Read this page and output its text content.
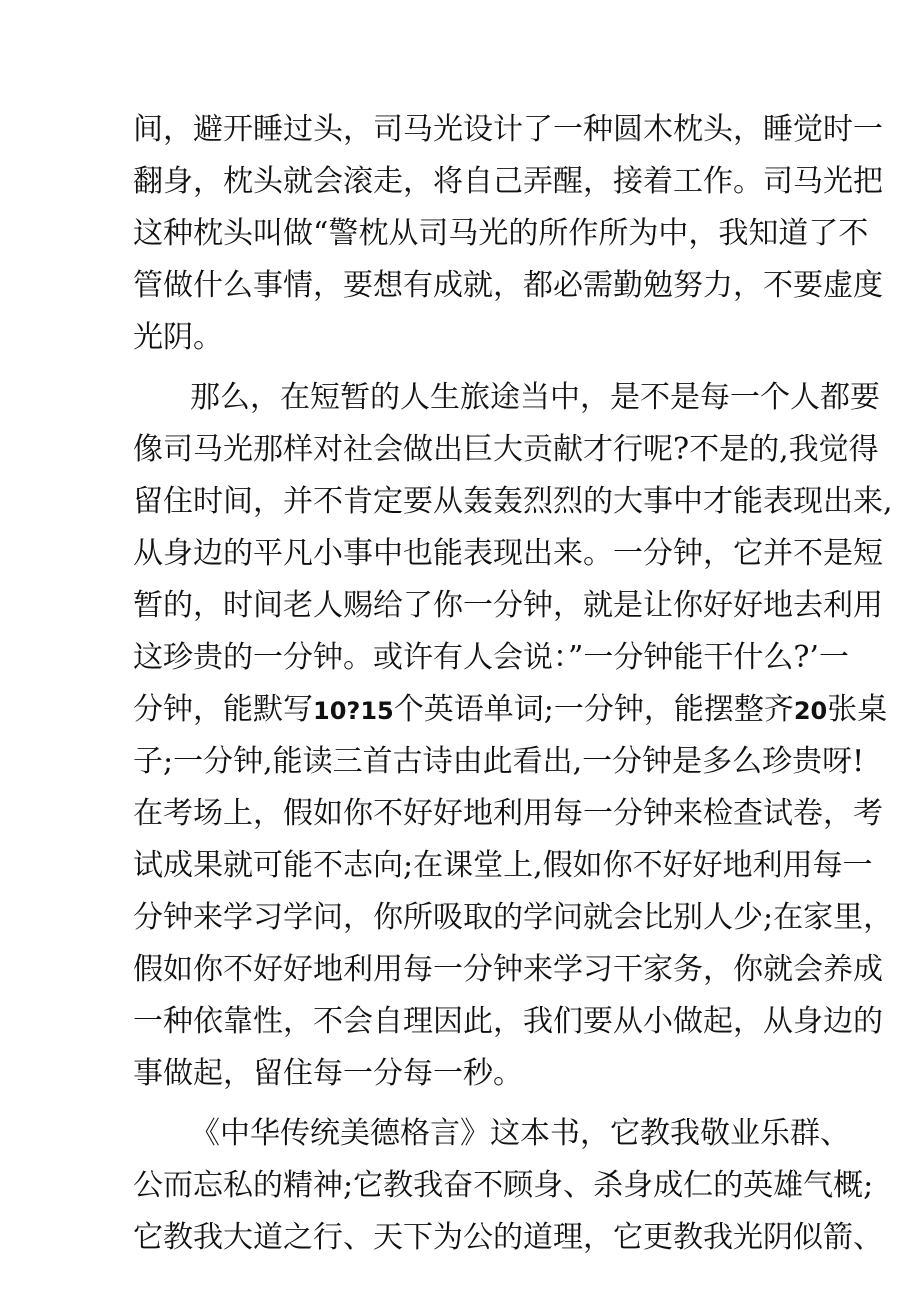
间，避开睡过头，司马光设计了一种圆木枕头，睡觉时一
翻身，枕头就会滚走，将自己弄醒，接着工作。司马光把
这种枕头叫做“警枕从司马光的所作所为中，我知道了不
管做什么事情，要想有成就，都必需勤勉努力，不要虚度
光阴。
那么，在短暂的人生旅途当中，是不是每一个人都要
像司马光那样对社会做出巨大贡献才行呢?不是的,我觉得
留住时间，并不肯定要从轰轰烈烈的大事中才能表现出来,
从身边的平凡小事中也能表现出来。一分钟，它并不是短
暂的，时间老人赐给了你一分钟，就是让你好好地去利用
这珍贵的一分钟。或许有人会说：”一分钟能干什么?’一
分钟，能默写10?15个英语单词;一分钟，能摆整齐20张桌
子;一分钟,能读三首古诗由此看出,一分钟是多么珍贵呀!
在考场上，假如你不好好地利用每一分钟来检查试卷，考
试成果就可能不志向;在课堂上,假如你不好好地利用每一
分钟来学习学问，你所吸取的学问就会比别人少;在家里，
假如你不好好地利用每一分钟来学习干家务，你就会养成
一种依靠性，不会自理因此，我们要从小做起，从身边的
事做起，留住每一分每一秒。
《中华传统美德格言》这本书，它教我敬业乐群、
公而忘私的精神;它教我奋不顾身、杀身成仁的英雄气概;
它教我大道之行、天下为公的道理，它更教我光阴似箭、
